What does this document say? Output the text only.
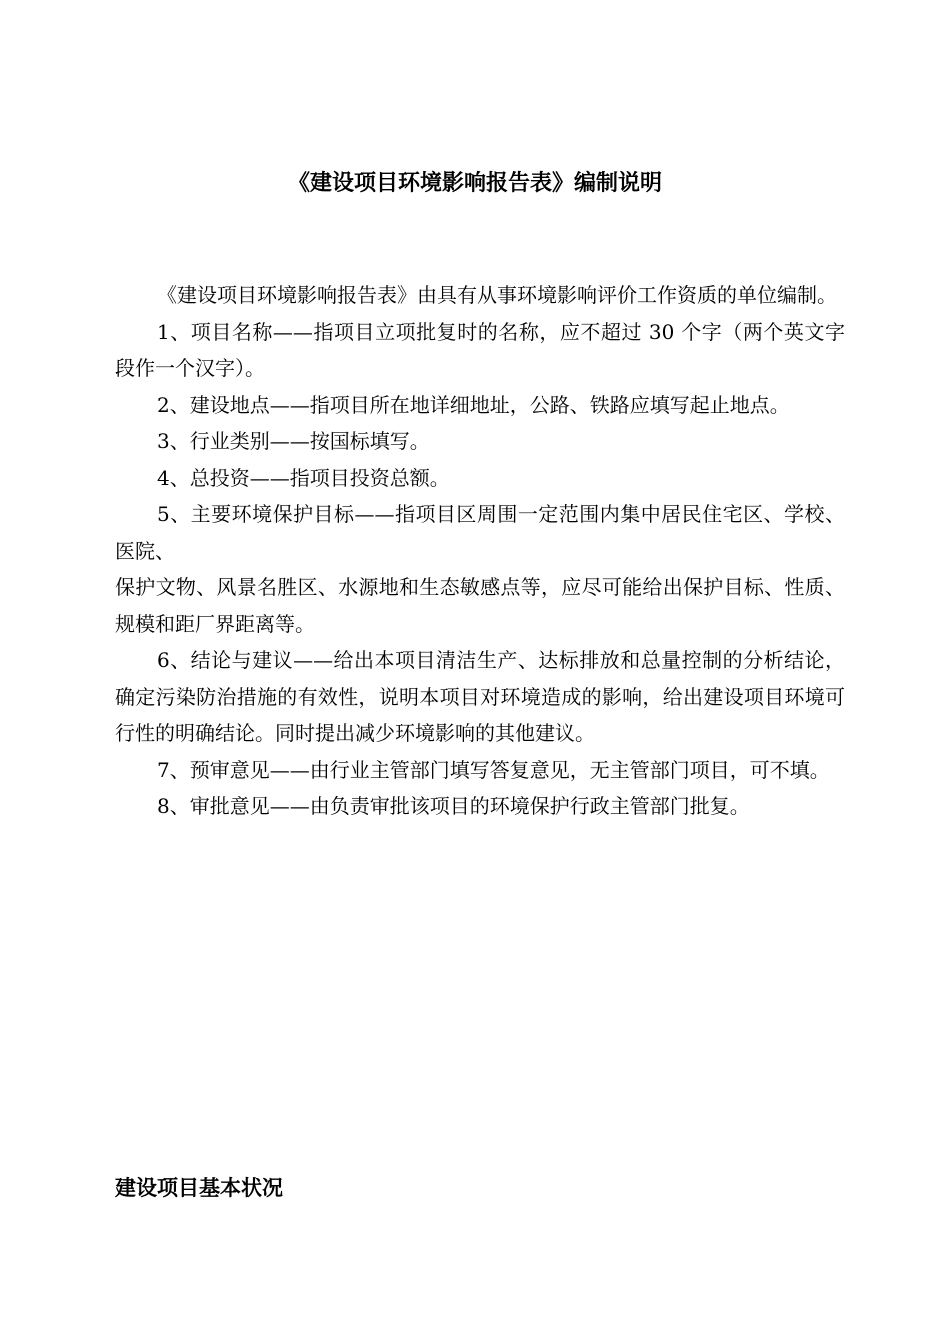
《建设项目环境影响报告表》编制说明

《建设项目环境影响报告表》由具有从事环境影响评价工作资质的单位编制。

1、项目名称——指项目立项批复时的名称，应不超过 30 个字（两个英文字段作一个汉字）。

2、建设地点——指项目所在地详细地址，公路、铁路应填写起止地点。

3、行业类别——按国标填写。

4、总投资——指项目投资总额。

5、主要环境保护目标——指项目区周围一定范围内集中居民住宅区、学校、医院、

保护文物、风景名胜区、水源地和生态敏感点等，应尽可能给出保护目标、性质、规模和距厂界距离等。

6、结论与建议——给出本项目清洁生产、达标排放和总量控制的分析结论，确定污染防治措施的有效性，说明本项目对环境造成的影响，给出建设项目环境可行性的明确结论。同时提出减少环境影响的其他建议。

7、预审意见——由行业主管部门填写答复意见，无主管部门项目，可不填。

8、审批意见——由负责审批该项目的环境保护行政主管部门批复。

建设项目基本状况
